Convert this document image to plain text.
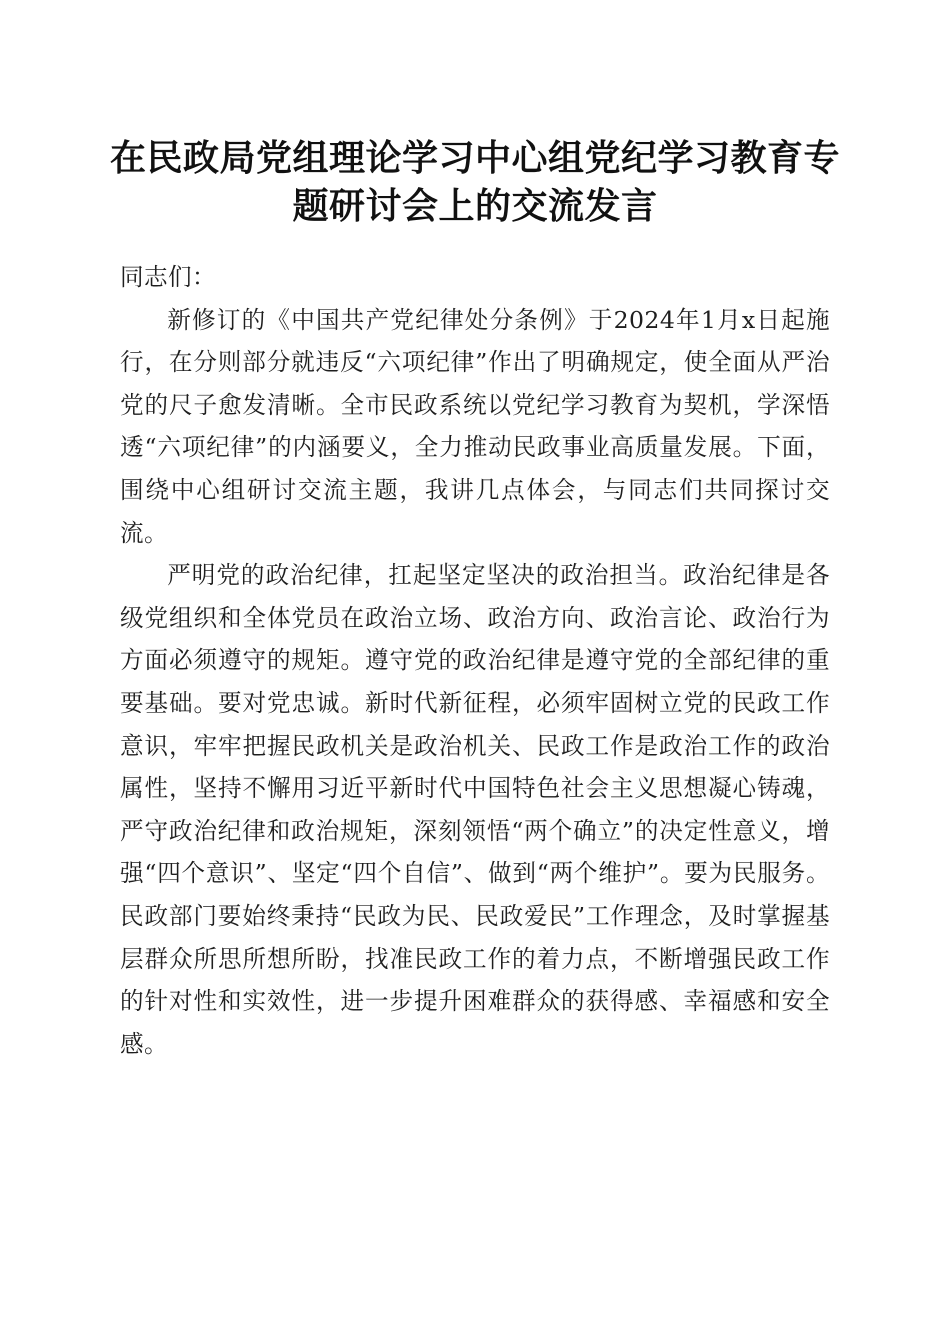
在民政局党组理论学习中心组党纪学习教育专题研讨会上的交流发言

同志们：

新修订的《中国共产党纪律处分条例》于2024年1月x日起施行，在分则部分就违反“六项纪律”作出了明确规定，使全面从严治党的尺子愈发清晰。全市民政系统以党纪学习教育为契机，学深悟透“六项纪律”的内涵要义，全力推动民政事业高质量发展。下面，围绕中心组研讨交流主题，我讲几点体会，与同志们共同探讨交流。

严明党的政治纪律，扛起坚定坚决的政治担当。政治纪律是各级党组织和全体党员在政治立场、政治方向、政治言论、政治行为方面必须遵守的规矩。遵守党的政治纪律是遵守党的全部纪律的重要基础。要对党忠诚。新时代新征程，必须牢固树立党的民政工作意识，牢牢把握民政机关是政治机关、民政工作是政治工作的政治属性，坚持不懈用习近平新时代中国特色社会主义思想凝心铸魂，严守政治纪律和政治规矩，深刻领悟“两个确立”的决定性意义，增强“四个意识”、坚定“四个自信”、做到“两个维护”。要为民服务。民政部门要始终秉持“民政为民、民政爱民”工作理念，及时掌握基层群众所思所想所盼，找准民政工作的着力点，不断增强民政工作的针对性和实效性，进一步提升困难群众的获得感、幸福感和安全感。
